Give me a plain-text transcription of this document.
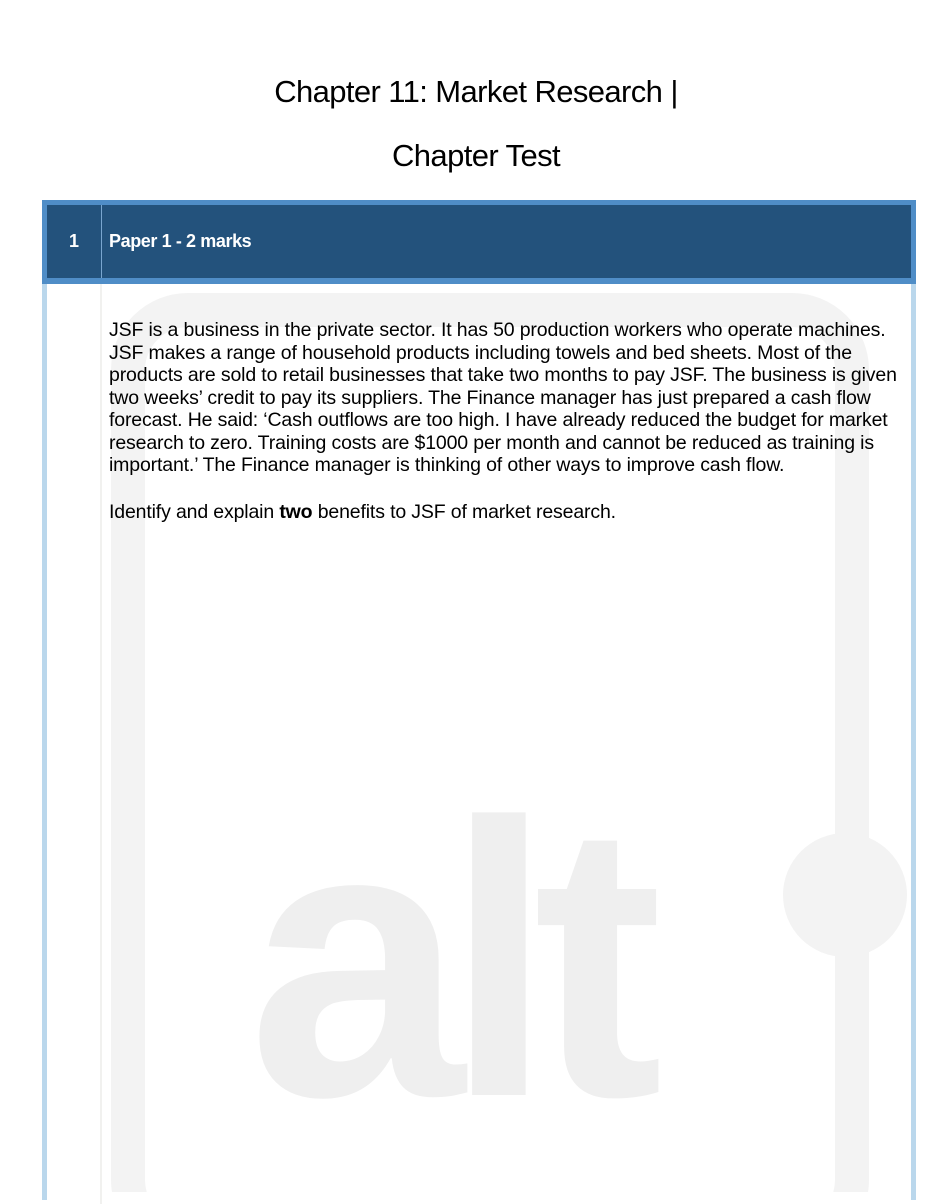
Chapter 11: Market Research |
Chapter Test
alt
1	Paper 1 - 2 marks

JSF is a business in the private sector. It has 50 production workers who operate machines. JSF makes a range of household products including towels and bed sheets. Most of the products are sold to retail businesses that take two months to pay JSF. The business is given two weeks’ credit to pay its suppliers. The Finance manager has just prepared a cash flow forecast. He said: ‘Cash outflows are too high. I have already reduced the budget for market research to zero. Training costs are $1000 per month and cannot be reduced as training is important.’ The Finance manager is thinking of other ways to improve cash flow.

Identify and explain two benefits to JSF of market research.
